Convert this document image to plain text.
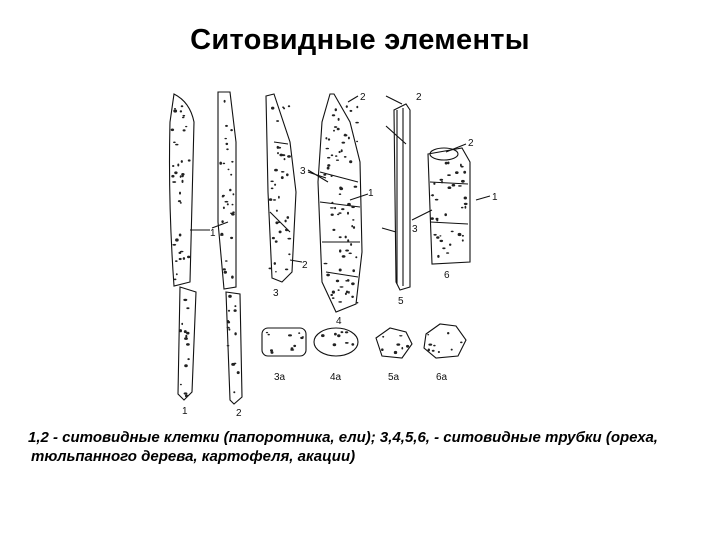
Ситовидные элементы
1	2
3
4
5
6
3а	4а	5а	6а
1
2
2	2
2
3
1	1
3
1,2 - ситовидные клетки (папоротника, ели); 3,4,5,6, - ситовидные трубки (ореха,
тюльпанного дерева, картофеля, акации)
